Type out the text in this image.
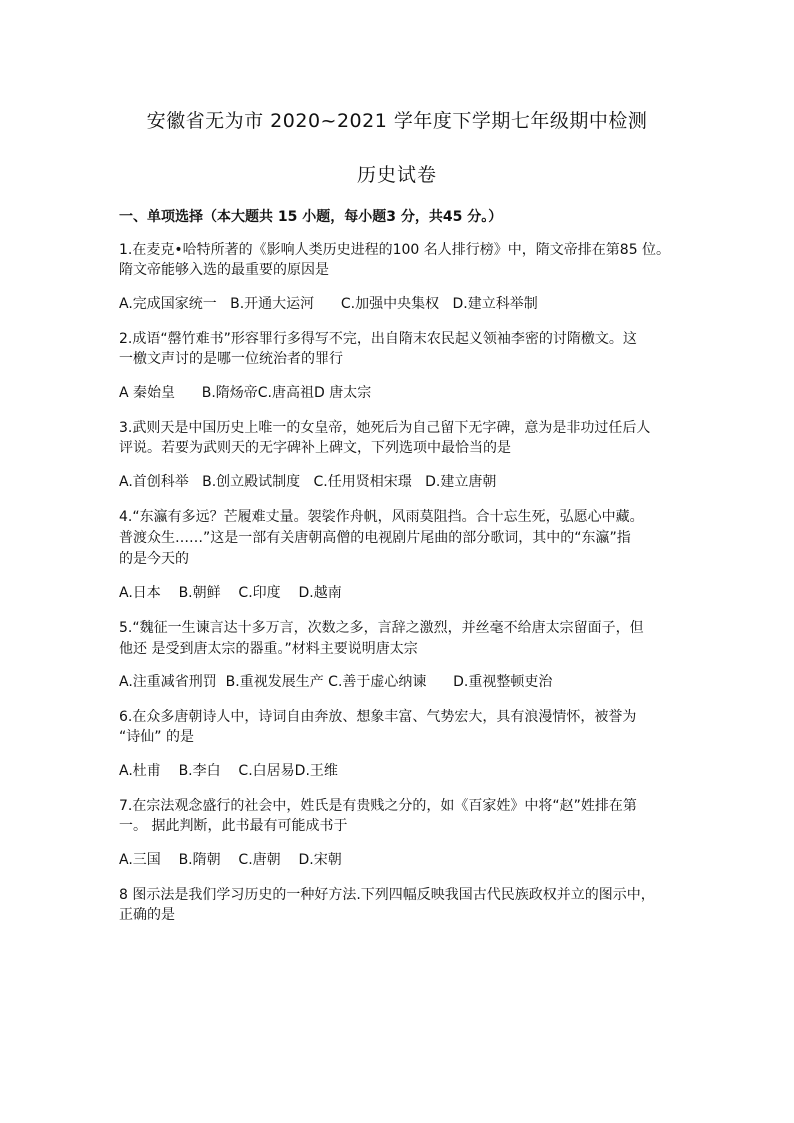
安徽省无为市 2020~2021 学年度下学期七年级期中检测
历史试卷
一、单项选择（本大题共 15 小题，每小题3 分，共45 分。）
1.在麦克•哈特所著的《影响人类历史进程的100 名人排行榜》中，隋文帝排在第85 位。
隋文帝能够入选的最重要的原因是
A.完成国家统一   B.开通大运河      C.加强中央集权   D.建立科举制
2.成语“罄竹难书”形容罪行多得写不完，出自隋末农民起义领袖李密的讨隋檄文。这
一檄文声讨的是哪一位统治者的罪行
A 秦始皇      B.隋炀帝C.唐高祖D 唐太宗
3.武则天是中国历史上唯一的女皇帝，她死后为自己留下无字碑，意为是非功过任后人
评说。若要为武则天的无字碑补上碑文，下列选项中最恰当的是
A.首创科举   B.创立殿试制度   C.任用贤相宋璟   D.建立唐朝
4.“东瀛有多远？芒履难丈量。袈裟作舟帆，风雨莫阻挡。合十忘生死，弘愿心中藏。
普渡众生……”这是一部有关唐朝高僧的电视剧片尾曲的部分歌词，其中的“东瀛”指
的是今天的
A.日本    B.朝鲜    C.印度    D.越南
5.“魏征一生谏言达十多万言，次数之多，言辞之激烈，并丝毫不给唐太宗留面子，但
他还 是受到唐太宗的器重。”材料主要说明唐太宗
A.注重减省刑罚  B.重视发展生产 C.善于虚心纳谏      D.重视整顿吏治
6.在众多唐朝诗人中，诗词自由奔放、想象丰富、气势宏大，具有浪漫情怀，被誉为
“诗仙” 的是
A.杜甫    B.李白    C.白居易D.王维
7.在宗法观念盛行的社会中，姓氏是有贵贱之分的，如《百家姓》中将“赵”姓排在第
一。 据此判断，此书最有可能成书于
A.三国    B.隋朝    C.唐朝    D.宋朝
8 图示法是我们学习历史的一种好方法.下列四幅反映我国古代民族政权并立的图示中，
正确的是
